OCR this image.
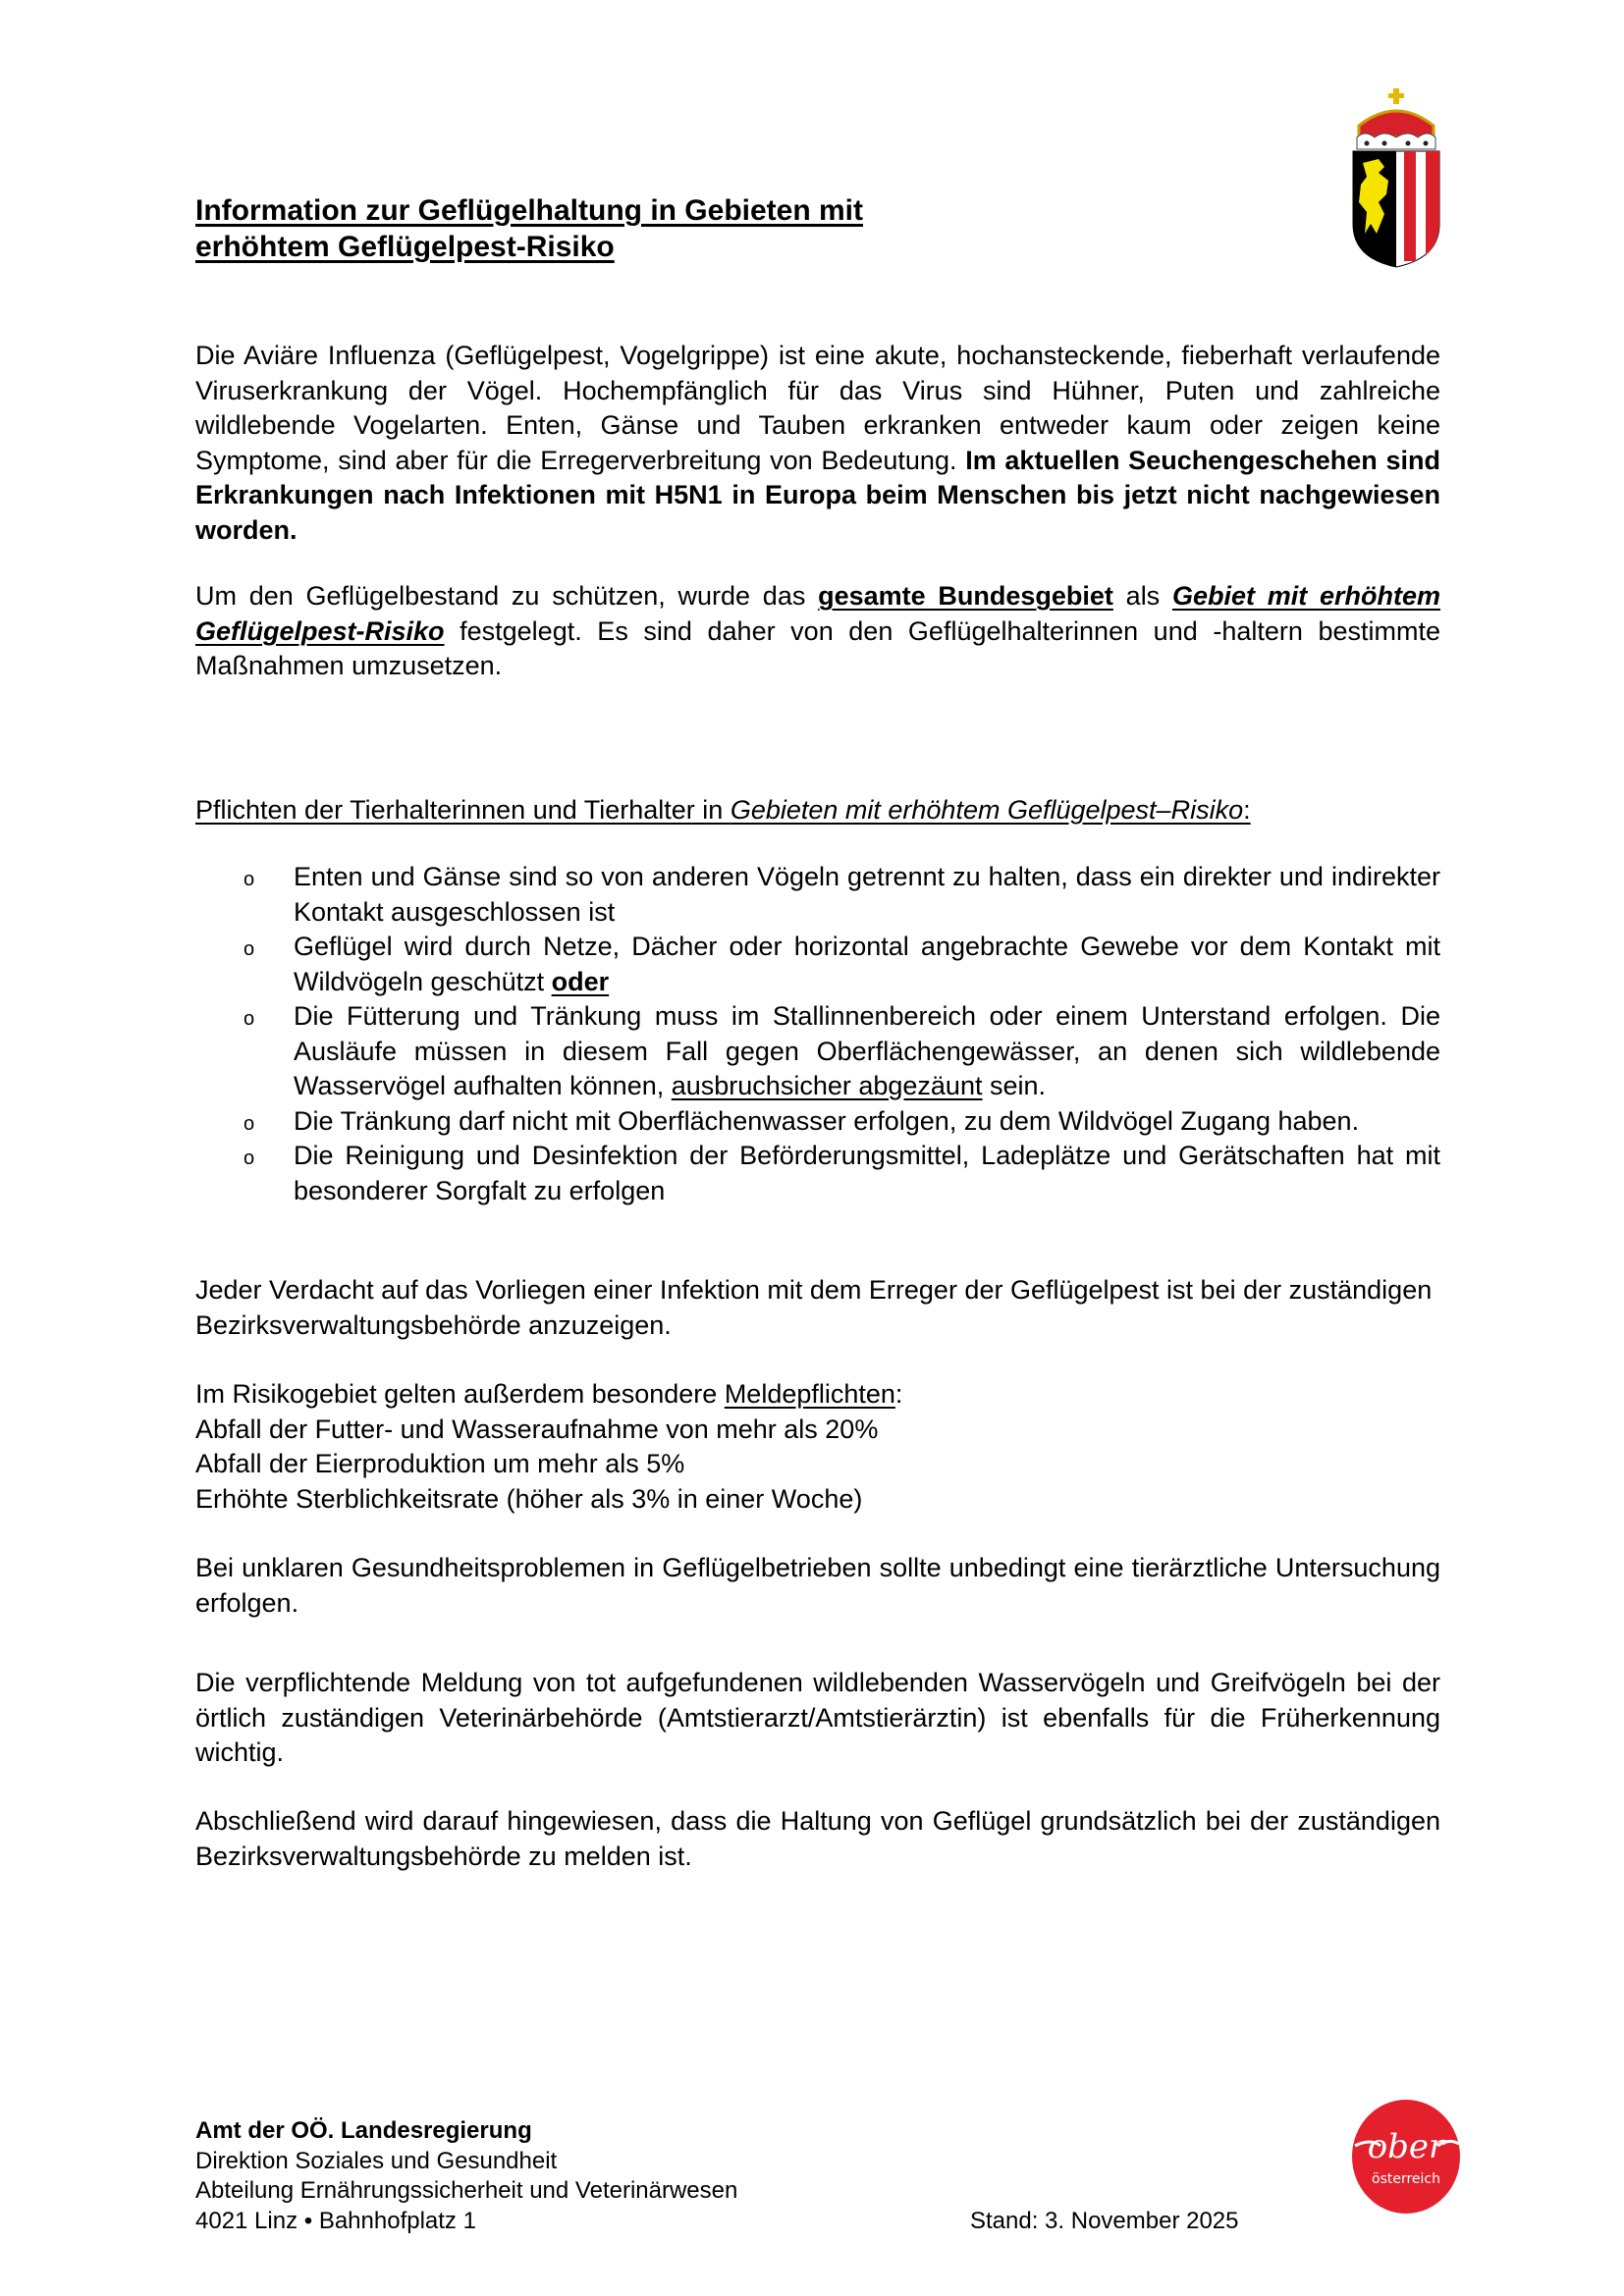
Information zur Geflügelhaltung in Gebieten mit
erhöhtem Geflügelpest-Risiko
Die Aviäre Influenza (Geflügelpest, Vogelgrippe) ist eine akute, hochansteckende, fieberhaft verlaufende Viruserkrankung der Vögel. Hochempfänglich für das Virus sind Hühner, Puten und zahlreiche wildlebende Vogelarten. Enten, Gänse und Tauben erkranken entweder kaum oder zeigen keine Symptome, sind aber für die Erregerverbreitung von Bedeutung. Im aktuellen Seuchengeschehen sind Erkrankungen nach Infektionen mit H5N1 in Europa beim Menschen bis jetzt nicht nachgewiesen worden.
Um den Geflügelbestand zu schützen, wurde das gesamte Bundesgebiet als Gebiet mit erhöhtem Geflügelpest-Risiko festgelegt. Es sind daher von den Geflügelhalterinnen und -haltern bestimmte Maßnahmen umzusetzen.
Pflichten der Tierhalterinnen und Tierhalter in Gebieten mit erhöhtem Geflügelpest–Risiko:
o Enten und Gänse sind so von anderen Vögeln getrennt zu halten, dass ein direkter und indirekter Kontakt ausgeschlossen ist
o Geflügel wird durch Netze, Dächer oder horizontal angebrachte Gewebe vor dem Kontakt mit Wildvögeln geschützt oder
o Die Fütterung und Tränkung muss im Stallinnenbereich oder einem Unterstand erfolgen. Die Ausläufe müssen in diesem Fall gegen Oberflächengewässer, an denen sich wildlebende Wasservögel aufhalten können, ausbruchsicher abgezäunt sein.
o Die Tränkung darf nicht mit Oberflächenwasser erfolgen, zu dem Wildvögel Zugang haben.
o Die Reinigung und Desinfektion der Beförderungsmittel, Ladeplätze und Gerätschaften hat mit besonderer Sorgfalt zu erfolgen
Jeder Verdacht auf das Vorliegen einer Infektion mit dem Erreger der Geflügelpest ist bei der zuständigen Bezirksverwaltungsbehörde anzuzeigen.
Im Risikogebiet gelten außerdem besondere Meldepflichten:
Abfall der Futter- und Wasseraufnahme von mehr als 20%
Abfall der Eierproduktion um mehr als 5%
Erhöhte Sterblichkeitsrate (höher als 3% in einer Woche)
Bei unklaren Gesundheitsproblemen in Geflügelbetrieben sollte unbedingt eine tierärztliche Untersuchung erfolgen.
Die verpflichtende Meldung von tot aufgefundenen wildlebenden Wasservögeln und Greifvögeln bei der örtlich zuständigen Veterinärbehörde (Amtstierarzt/Amtstierärztin) ist ebenfalls für die Früherkennung wichtig.
Abschließend wird darauf hingewiesen, dass die Haltung von Geflügel grundsätzlich bei der zuständigen Bezirksverwaltungsbehörde zu melden ist.
Amt der OÖ. Landesregierung
Direktion Soziales und Gesundheit
Abteilung Ernährungssicherheit und Veterinärwesen
4021 Linz • Bahnhofplatz 1	Stand: 3. November 2025
ober
österreich
